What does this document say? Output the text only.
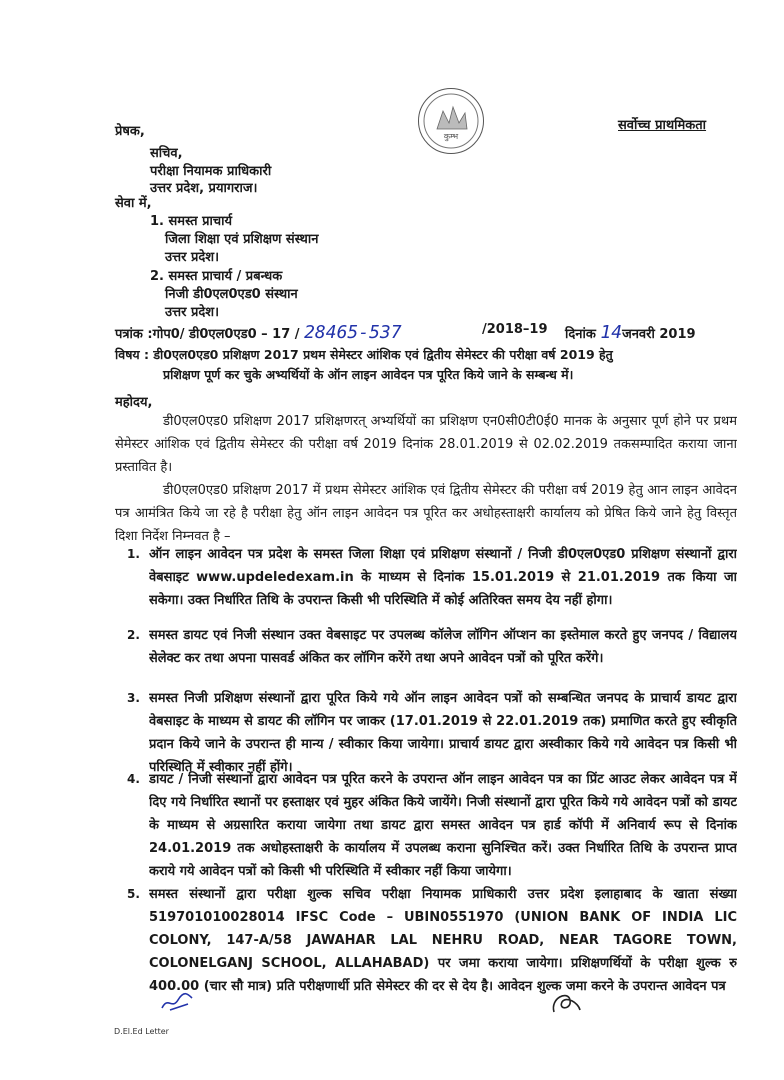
कुम्भ
सर्वोच्च प्राथमिकता
प्रेषक,
सचिव,
परीक्षा नियामक प्राधिकारी
उत्तर प्रदेश, प्रयागराज।
सेवा में,
1. समस्त प्राचार्य
जिला शिक्षा एवं प्रशिक्षण संस्थान
उत्तर प्रदेश।
2. समस्त प्राचार्य / प्रबन्धक
निजी डी0एल0एड0 संस्थान
उत्तर प्रदेश।
पत्रांक :गोप0/ डी0एल0एड0 – 17 / 28465-537	/2018–19 दिनांक 14जनवरी 2019
विषय : डी0एल0एड0 प्रशिक्षण 2017 प्रथम सेमेस्टर आंशिक एवं द्वितीय सेमेस्टर की परीक्षा वर्ष 2019 हेतु
प्रशिक्षण पूर्ण कर चुके अभ्यर्थियों के ऑन लाइन आवेदन पत्र पूरित किये जाने के सम्बन्ध में।
महोदय,
डी0एल0एड0 प्रशिक्षण 2017 प्रशिक्षणरत् अभ्यर्थियों का प्रशिक्षण एन0सी0टी0ई0 मानक के अनुसार पूर्ण होने पर प्रथम सेमेस्टर आंशिक एवं द्वितीय सेमेस्टर की परीक्षा वर्ष 2019 दिनांक 28.01.2019 से 02.02.2019 तकसम्पादित कराया जाना प्रस्तावित है।
डी0एल0एड0 प्रशिक्षण 2017 में प्रथम सेमेस्टर आंशिक एवं द्वितीय सेमेस्टर की परीक्षा वर्ष 2019 हेतु आन लाइन आवेदन पत्र आमंत्रित किये जा रहे है परीक्षा हेतु ऑन लाइन आवेदन पत्र पूरित कर अधोहस्ताक्षरी कार्यालय को प्रेषित किये जाने हेतु विस्तृत दिशा निर्देश निम्नवत है –
1. ऑन लाइन आवेदन पत्र प्रदेश के समस्त जिला शिक्षा एवं प्रशिक्षण संस्थानों / निजी डी0एल0एड0 प्रशिक्षण संस्थानों द्वारा वेबसाइट www.updeledexam.in के माध्यम से दिनांक 15.01.2019 से 21.01.2019 तक किया जा सकेगा। उक्त निर्धारित तिथि के उपरान्त किसी भी परिस्थिति में कोई अतिरिक्त समय देय नहीं होगा।
2. समस्त डायट एवं निजी संस्थान उक्त वेबसाइट पर उपलब्ध कॉलेज लॉगिन ऑप्शन का इस्तेमाल करते हुए जनपद / विद्यालय सेलेक्ट कर तथा अपना पासवर्ड अंकित कर लॉगिन करेंगे तथा अपने आवेदन पत्रों को पूरित करेंगे।
3. समस्त निजी प्रशिक्षण संस्थानों द्वारा पूरित किये गये ऑन लाइन आवेदन पत्रों को सम्बन्धित जनपद के प्राचार्य डायट द्वारा वेबसाइट के माध्यम से डायट की लॉगिन पर जाकर (17.01.2019 से 22.01.2019 तक) प्रमाणित करते हुए स्वीकृति प्रदान किये जाने के उपरान्त ही मान्य / स्वीकार किया जायेगा। प्राचार्य डायट द्वारा अस्वीकार किये गये आवेदन पत्र किसी भी परिस्थिति में स्वीकार नहीं होंगे।
4. डायट / निजी संस्थानों द्वारा आवेदन पत्र पूरित करने के उपरान्त ऑन लाइन आवेदन पत्र का प्रिंट आउट लेकर आवेदन पत्र में दिए गये निर्धारित स्थानों पर हस्ताक्षर एवं मुहर अंकित किये जायेंगे। निजी संस्थानों द्वारा पूरित किये गये आवेदन पत्रों को डायट के माध्यम से अग्रसारित कराया जायेगा तथा डायट द्वारा समस्त आवेदन पत्र हार्ड कॉपी में अनिवार्य रूप से दिनांक 24.01.2019 तक अधोहस्ताक्षरी के कार्यालय में उपलब्ध कराना सुनिश्चित करें। उक्त निर्धारित तिथि के उपरान्त प्राप्त कराये गये आवेदन पत्रों को किसी भी परिस्थिति में स्वीकार नहीं किया जायेगा।
5. समस्त संस्थानों द्वारा परीक्षा शुल्क सचिव परीक्षा नियामक प्राधिकारी उत्तर प्रदेश इलाहाबाद के खाता संख्या 519701010028014 IFSC Code – UBIN0551970 (UNION BANK OF INDIA LIC COLONY, 147-A/58 JAWAHAR LAL NEHRU ROAD, NEAR TAGORE TOWN, COLONELGANJ SCHOOL, ALLAHABAD) पर जमा कराया जायेगा। प्रशिक्षणर्थियों के परीक्षा शुल्क रु 400.00 (चार सौ मात्र) प्रति परीक्षणार्थी प्रति सेमेस्टर की दर से देय है। आवेदन शुल्क जमा करने के उपरान्त आवेदन पत्र
D.El.Ed Letter
